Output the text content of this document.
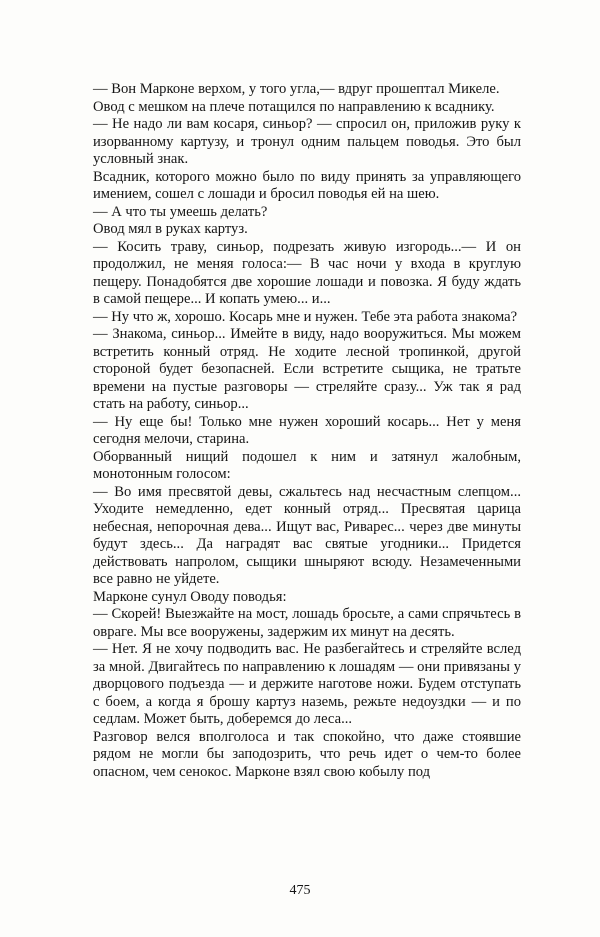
— Вон Марконе верхом, у того угла,— вдруг прошептал Микеле.

Овод с мешком на плече потащился по направлению к всаднику.

— Не надо ли вам косаря, синьор? — спросил он, приложив руку к изорванному картузу, и тронул одним пальцем поводья. Это был условный знак.

Всадник, которого можно было по виду принять за управляющего имением, сошел с лошади и бросил поводья ей на шею.

— А что ты умеешь делать?

Овод мял в руках картуз.

— Косить траву, синьор, подрезать живую изгородь...— И он продолжил, не меняя голоса:— В час ночи у входа в круглую пещеру. Понадобятся две хорошие лошади и повозка. Я буду ждать в самой пещере... И копать умею... и...

— Ну что ж, хорошо. Косарь мне и нужен. Тебе эта работа знакома?

— Знакома, синьор... Имейте в виду, надо вооружиться. Мы можем встретить конный отряд. Не ходите лесной тропинкой, другой стороной будет безопасней. Если встретите сыщика, не тратьте времени на пустые разговоры — стреляйте сразу... Уж так я рад стать на работу, синьор...

— Ну еще бы! Только мне нужен хороший косарь... Нет у меня сегодня мелочи, старина.

Оборванный нищий подошел к ним и затянул жалобным, монотонным голосом:

— Во имя пресвятой девы, сжальтесь над несчастным слепцом... Уходите немедленно, едет конный отряд... Пресвятая царица небесная, непорочная дева... Ищут вас, Риварес... через две минуты будут здесь... Да наградят вас святые угодники... Придется действовать напролом, сыщики шныряют всюду. Незамеченными все равно не уйдете.

Марконе сунул Оводу поводья:

— Скорей! Выезжайте на мост, лошадь бросьте, а сами спрячьтесь в овраге. Мы все вооружены, задержим их минут на десять.

— Нет. Я не хочу подводить вас. Не разбегайтесь и стреляйте вслед за мной. Двигайтесь по направлению к лошадям — они привязаны у дворцового подъезда — и держите наготове ножи. Будем отступать с боем, а когда я брошу картуз наземь, режьте недоуздки — и по седлам. Может быть, доберемся до леса...

Разговор велся вполголоса и так спокойно, что даже стоявшие рядом не могли бы заподозрить, что речь идет о чем-то более опасном, чем сенокос. Марконе взял свою кобылу под

475
